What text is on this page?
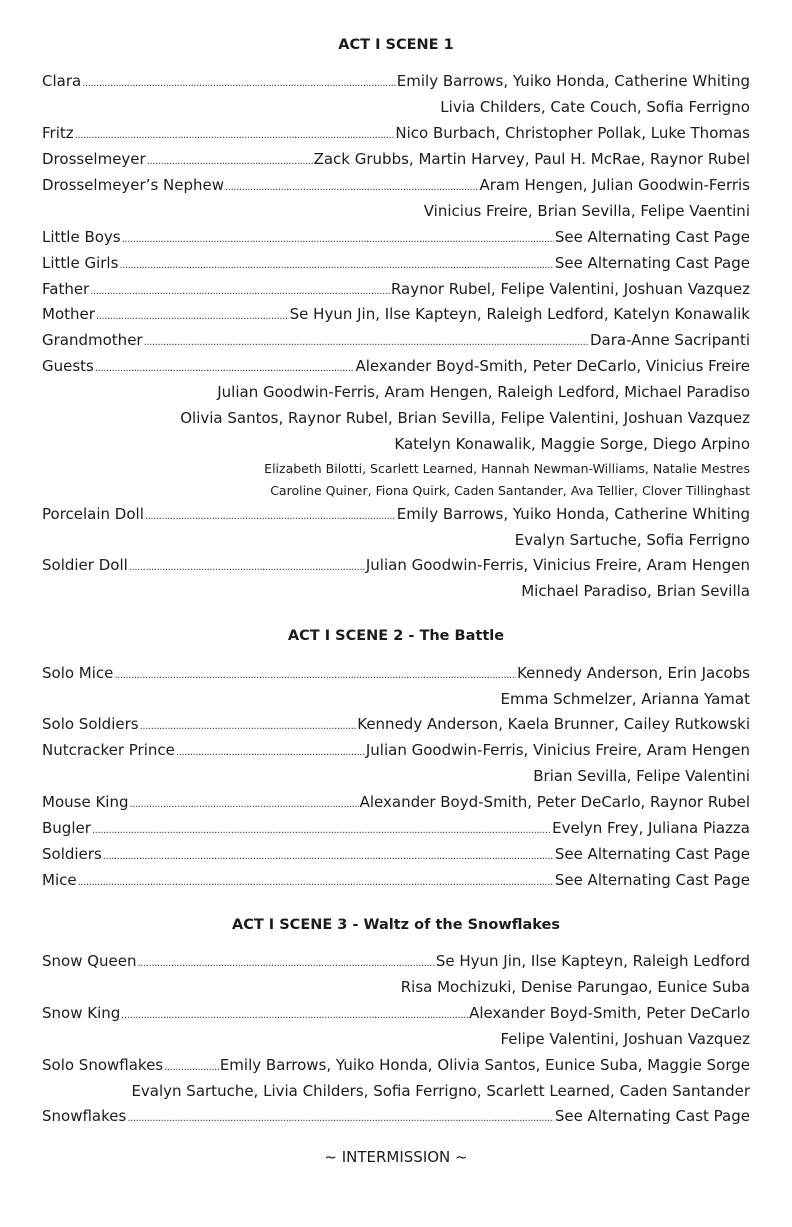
ACT I SCENE 1
Clara .....	Emily Barrows, Yuiko Honda, Catherine Whiting
Livia Childers, Cate Couch, Sofia Ferrigno
Fritz .....	Nico Burbach, Christopher Pollak, Luke Thomas
Drosselmeyer .....	Zack Grubbs, Martin Harvey, Paul H. McRae, Raynor Rubel
Drosselmeyer’s Nephew .....	Aram Hengen, Julian Goodwin-Ferris
Vinicius Freire, Brian Sevilla, Felipe Vaentini
Little Boys .....	See Alternating Cast Page
Little Girls .....	See Alternating Cast Page
Father .....	Raynor Rubel, Felipe Valentini, Joshuan Vazquez
Mother .....	Se Hyun Jin, Ilse Kapteyn, Raleigh Ledford, Katelyn Konawalik
Grandmother .....	Dara-Anne Sacripanti
Guests .....	Alexander Boyd-Smith, Peter DeCarlo, Vinicius Freire
Julian Goodwin-Ferris, Aram Hengen, Raleigh Ledford, Michael Paradiso
Olivia Santos, Raynor Rubel, Brian Sevilla, Felipe Valentini, Joshuan Vazquez
Katelyn Konawalik, Maggie Sorge, Diego Arpino
Elizabeth Bilotti, Scarlett Learned, Hannah Newman-Williams, Natalie Mestres
Caroline Quiner, Fiona Quirk, Caden Santander, Ava Tellier, Clover Tillinghast
Porcelain Doll .....	Emily Barrows, Yuiko Honda, Catherine Whiting
Evalyn Sartuche, Sofia Ferrigno
Soldier Doll .....	Julian Goodwin-Ferris, Vinicius Freire, Aram Hengen
Michael Paradiso, Brian Sevilla
ACT I SCENE 2 - The Battle
Solo Mice .....	Kennedy Anderson, Erin Jacobs
Emma Schmelzer, Arianna Yamat
Solo Soldiers .....	Kennedy Anderson, Kaela Brunner, Cailey Rutkowski
Nutcracker Prince .....	Julian Goodwin-Ferris, Vinicius Freire, Aram Hengen
Brian Sevilla, Felipe Valentini
Mouse King .....	Alexander Boyd-Smith, Peter DeCarlo, Raynor Rubel
Bugler .....	Evelyn Frey, Juliana Piazza
Soldiers .....	See Alternating Cast Page
Mice .....	See Alternating Cast Page
ACT I SCENE 3 - Waltz of the Snowflakes
Snow Queen .....	Se Hyun Jin, Ilse Kapteyn, Raleigh Ledford
Risa Mochizuki, Denise Parungao, Eunice Suba
Snow King .....	Alexander Boyd-Smith, Peter DeCarlo
Felipe Valentini, Joshuan Vazquez
Solo Snowflakes .....	Emily Barrows, Yuiko Honda, Olivia Santos, Eunice Suba, Maggie Sorge
Evalyn Sartuche, Livia Childers, Sofia Ferrigno, Scarlett Learned, Caden Santander
Snowflakes .....	See Alternating Cast Page
~ INTERMISSION ~
